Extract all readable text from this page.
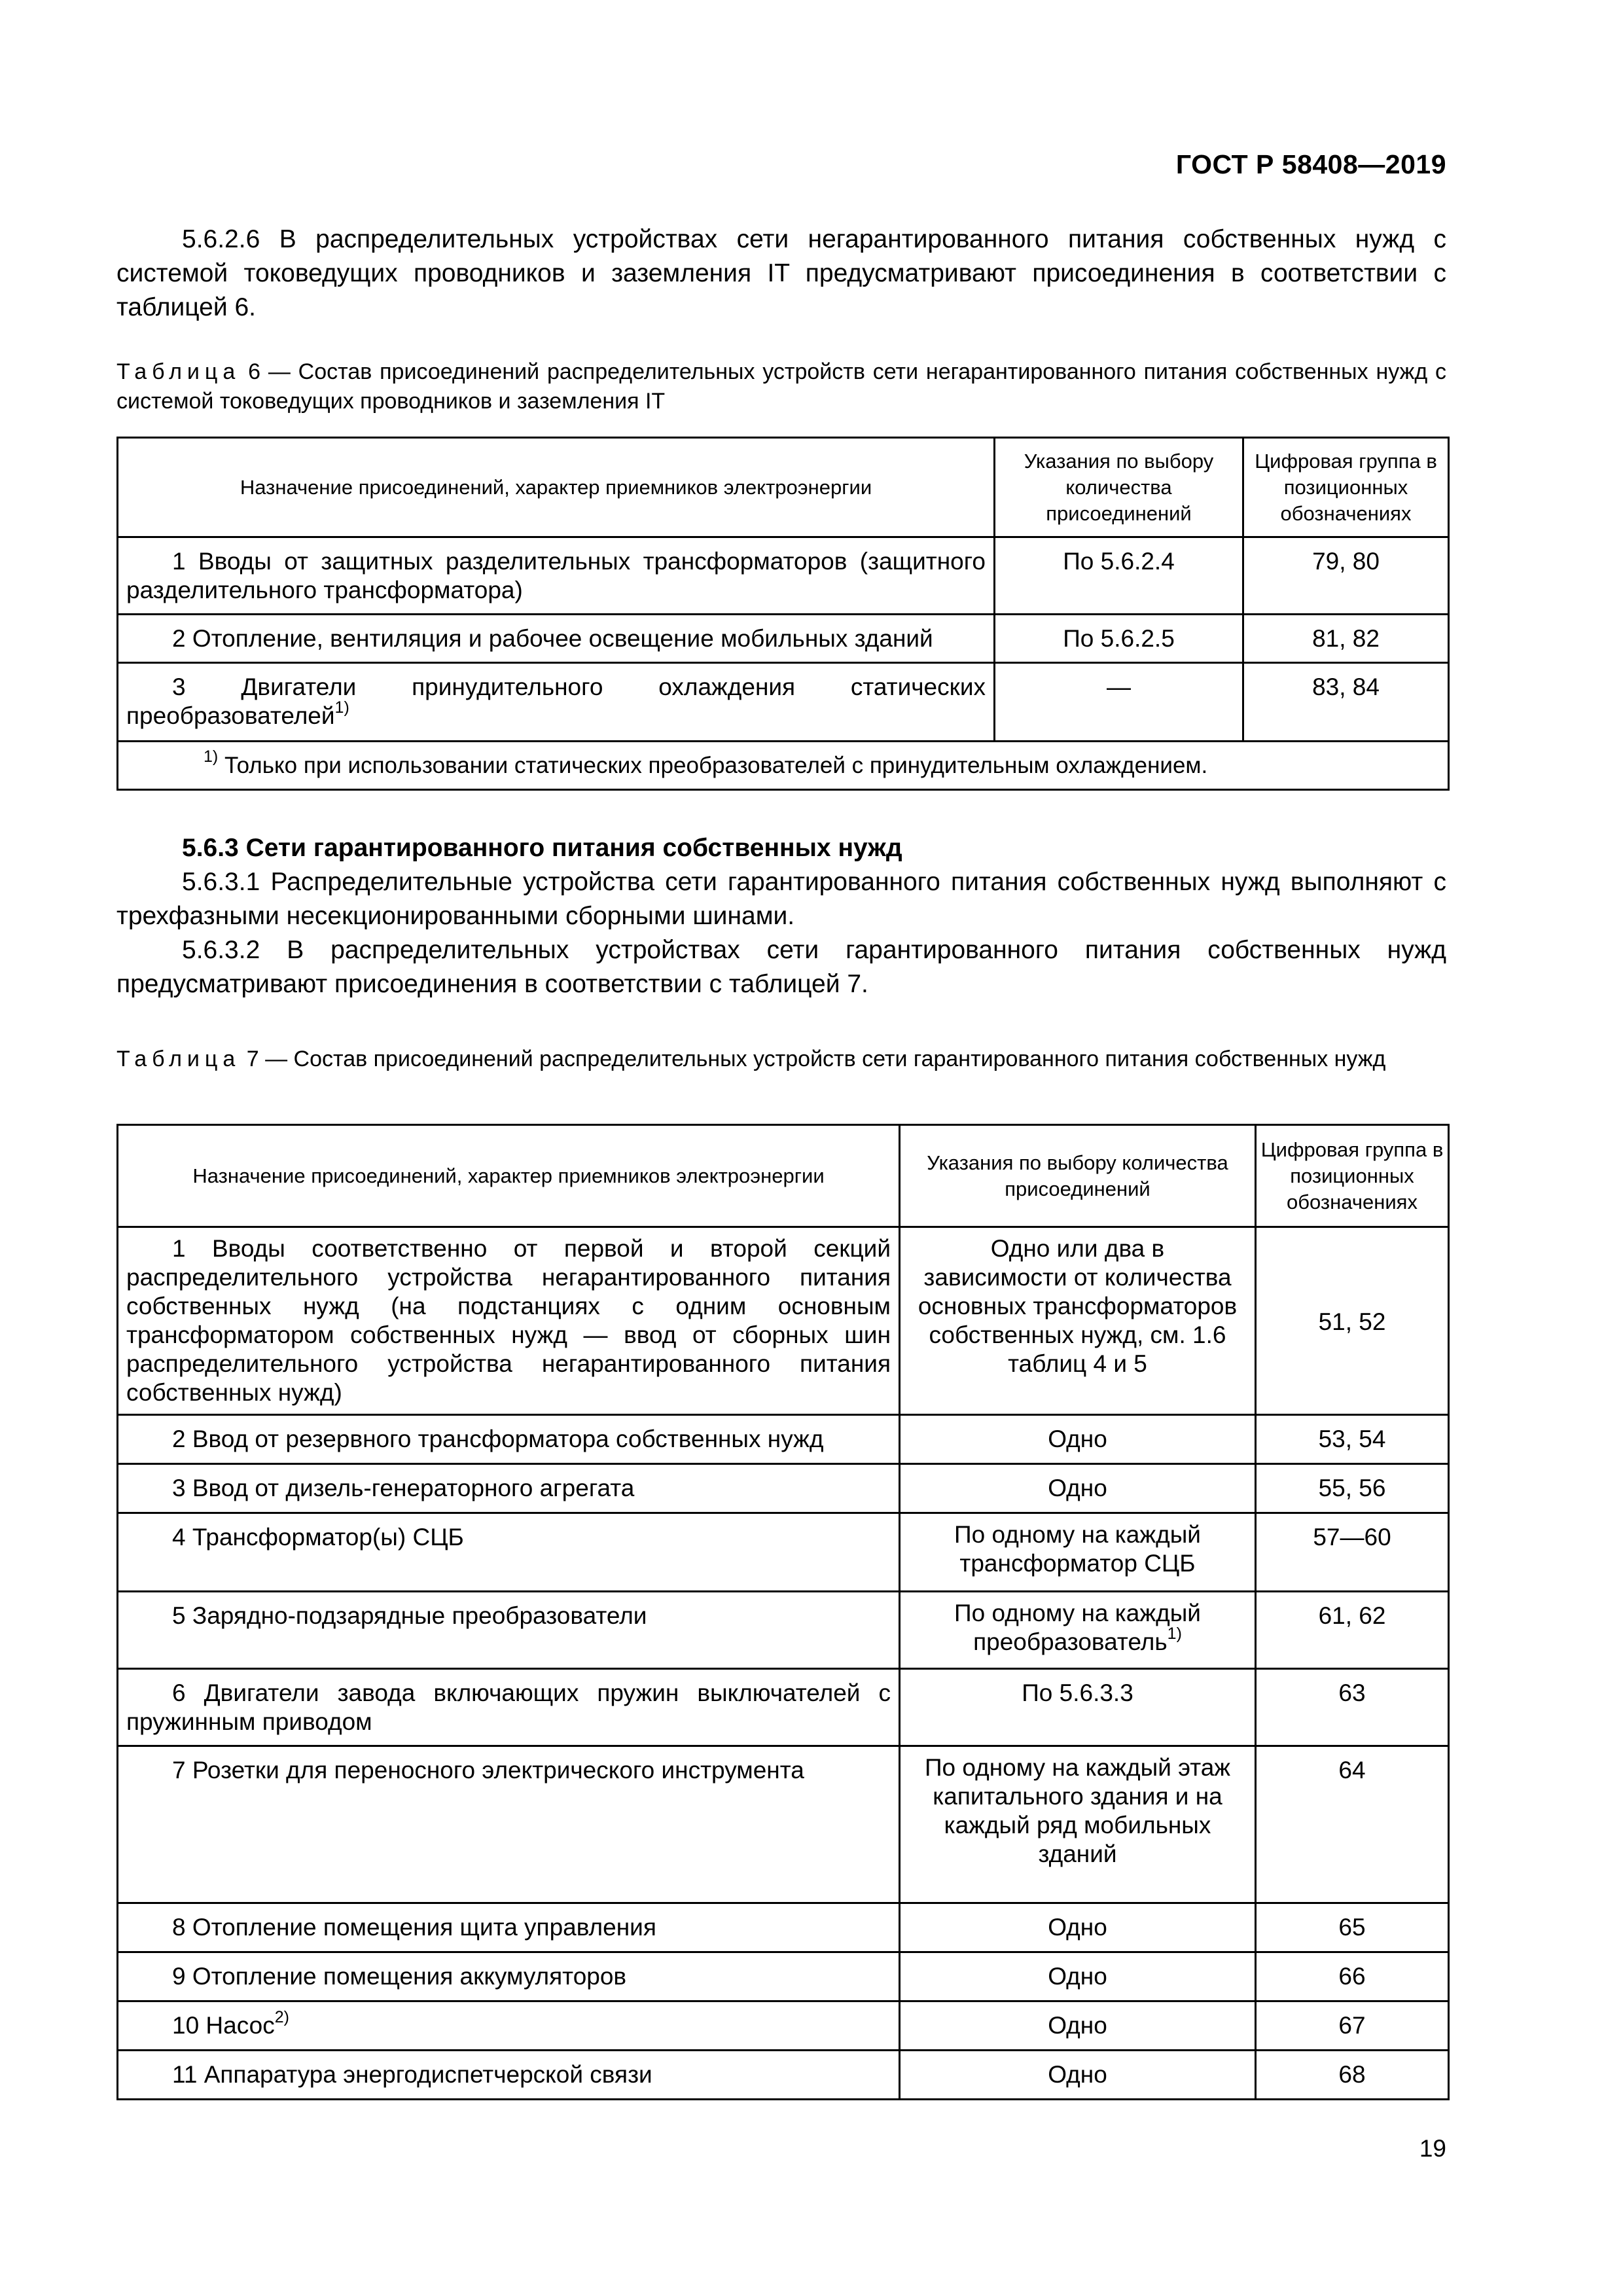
ГОСТ Р 58408—2019

5.6.2.6 В распределительных устройствах сети негарантированного питания собственных нужд с системой токоведущих проводников и заземления IT предусматривают присоединения в соответствии с таблицей 6.

Таблица 6 — Состав присоединений распределительных устройств сети негарантированного питания собственных нужд с системой токоведущих проводников и заземления IT
Назначение присоединений, характер приемников электроэнергии	Указания по выбору количества присоединений	Цифровая группа в позиционных обозначениях
1 Вводы от защитных разделительных трансформаторов (защитного разделительного трансформатора)	По 5.6.2.4	79, 80
2 Отопление, вентиляция и рабочее освещение мобильных зданий	По 5.6.2.5	81, 82
3 Двигатели принудительного охлаждения статических преобразователей$^{1)}$	—	83, 84
$^{1)}$ Только при использовании статических преобразователей с принудительным охлаждением.		

5.6.3 Сети гарантированного питания собственных нужд

5.6.3.1 Распределительные устройства сети гарантированного питания собственных нужд выполняют с трехфазными несекционированными сборными шинами.

5.6.3.2 В распределительных устройствах сети гарантированного питания собственных нужд предусматривают присоединения в соответствии с таблицей 7.

Таблица 7 — Состав присоединений распределительных устройств сети гарантированного питания собственных нужд
Назначение присоединений, характер приемников электроэнергии	Указания по выбору количества присоединений	Цифровая группа в позиционных обозначениях
1 Вводы соответственно от первой и второй секций распределительного устройства негарантированного питания собственных нужд (на подстанциях с одним основным трансформатором собственных нужд — ввод от сборных шин распределительного устройства негарантированного питания собственных нужд)	Одно или два в зависимости от количества основных трансформаторов собственных нужд, см. 1.6 таблиц 4 и 5	51, 52
2 Ввод от резервного трансформатора собственных нужд	Одно	53, 54
3 Ввод от дизель-генераторного агрегата	Одно	55, 56
4 Трансформатор(ы) СЦБ	По одному на каждый трансформатор СЦБ	57—60
5 Зарядно-подзарядные преобразователи	По одному на каждый преобразователь$^{1)}$	61, 62
6 Двигатели завода включающих пружин выключателей с пружинным приводом	По 5.6.3.3	63
7 Розетки для переносного электрического инструмента	По одному на каждый этаж капитального здания и на каждый ряд мобильных зданий	64
8 Отопление помещения щита управления	Одно	65
9 Отопление помещения аккумуляторов	Одно	66
10 Насос$^{2)}$	Одно	67
11 Аппаратура энергодиспетчерской связи	Одно	68
19
